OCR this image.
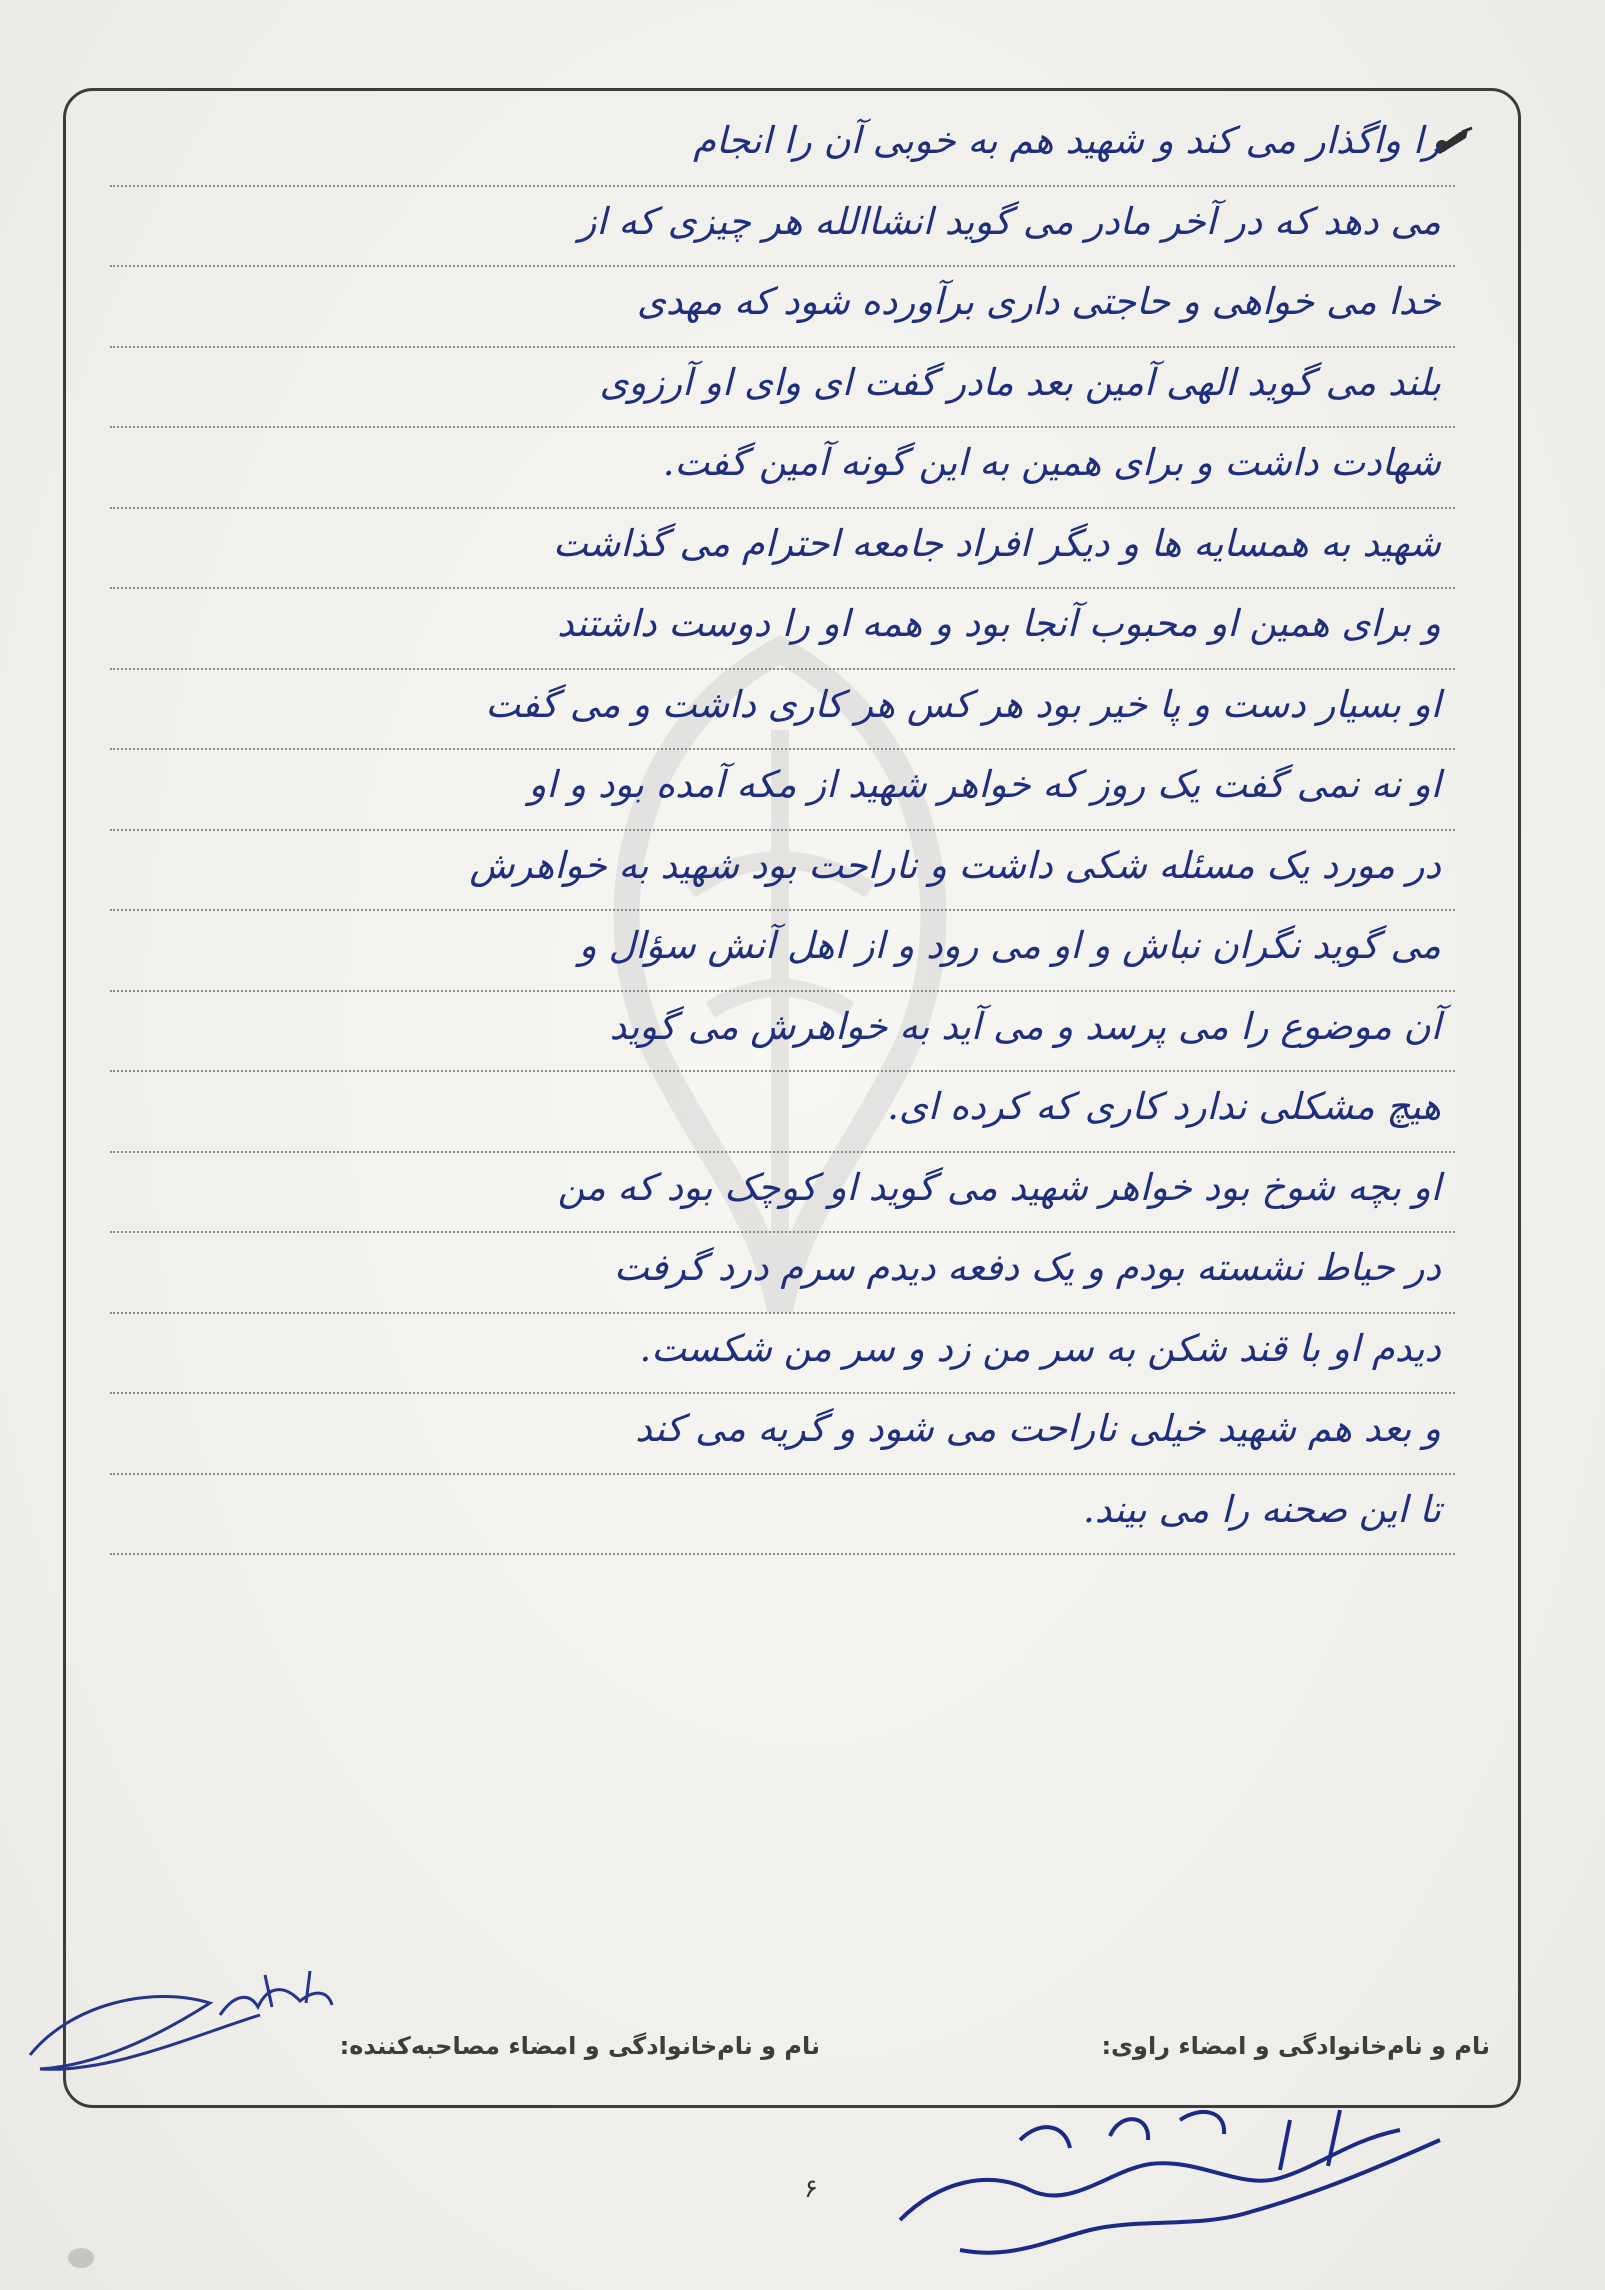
را واگذار می کند و شهید هم به خوبی آن را انجام
می دهد که در آخر مادر می گوید انشاالله هر چیزی که از
خدا می خواهی و حاجتی داری برآورده شود که مهدی
بلند می گوید الهی آمین بعد مادر گفت ای وای او آرزوی
شهادت داشت و برای همین به این گونه آمین گفت.
شهید به همسایه ها و دیگر افراد جامعه احترام می گذاشت
و برای همین او محبوب آنجا بود و همه او را دوست داشتند
او بسیار دست و پا خیر بود هر کس هر کاری داشت و می گفت
او نه نمی گفت یک روز که خواهر شهید از مکه آمده بود و او
در مورد یک مسئله شکی داشت و ناراحت بود شهید به خواهرش
می گوید نگران نباش و او می رود و از اهل آنش سؤال و
آن موضوع را می پرسد و می آید به خواهرش می گوید
هیچ مشکلی ندارد کاری که کرده ای.
او بچه شوخ بود خواهر شهید می گوید او کوچک بود که من
در حیاط نشسته بودم و یک دفعه دیدم سرم درد گرفت
دیدم او با قند شکن به سر من زد و سر من شکست.
و بعد هم شهید خیلی ناراحت می شود و گریه می کند
تا این صحنه را می بیند.
نام و نام‌خانوادگی و امضاء راوی:
نام و نام‌خانوادگی و امضاء مصاحبه‌کننده:
۶
